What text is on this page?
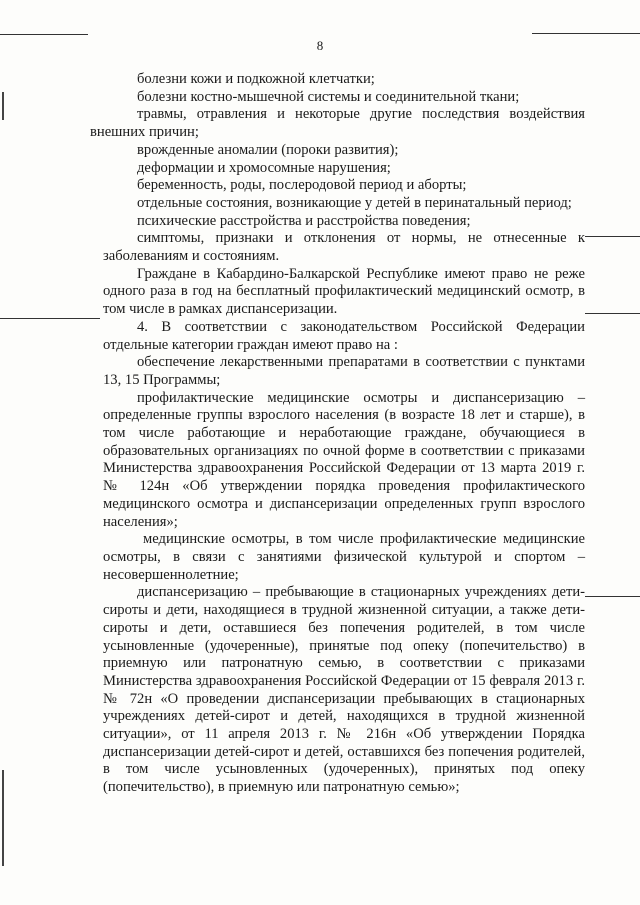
8

болезни кожи и подкожной клетчатки;

болезни костно-мышечной системы и соединительной ткани;

травмы, отравления и некоторые другие последствия воздействия внешних причин;

врожденные аномалии (пороки развития);

деформации и хромосомные нарушения;

беременность, роды, послеродовой период и аборты;

отдельные состояния, возникающие у детей в перинатальный период;

психические расстройства и расстройства поведения;

симптомы, признаки и отклонения от нормы, не отнесенные к заболеваниям и состояниям.

Граждане в Кабардино-Балкарской Республике имеют право не реже одного раза в год на бесплатный профилактический медицинский осмотр, в том числе в рамках диспансеризации.

4. В соответствии с законодательством Российской Федерации отдельные категории граждан имеют право на :

обеспечение лекарственными препаратами в соответствии с пунктами 13, 15 Программы;

профилактические медицинские осмотры и диспансеризацию – определенные группы взрослого населения (в возрасте 18 лет и старше), в том числе работающие и неработающие граждане, обучающиеся в образовательных организациях по очной форме в соответствии с приказами Министерства здравоохранения Российской Федерации от 13 марта 2019 г. № 124н «Об утверждении порядка проведения профилактического медицинского осмотра и диспансеризации определенных групп взрослого населения»;

медицинские осмотры, в том числе профилактические медицинские осмотры, в связи с занятиями физической культурой и спортом – несовершеннолетние;

диспансеризацию – пребывающие в стационарных учреждениях дети-сироты и дети, находящиеся в трудной жизненной ситуации, а также дети-сироты и дети, оставшиеся без попечения родителей, в том числе усыновленные (удочеренные), принятые под опеку (попечительство) в приемную или патронатную семью, в соответствии с приказами Министерства здравоохранения Российской Федерации от 15 февраля 2013 г. № 72н «О проведении диспансеризации пребывающих в стационарных учреждениях детей-сирот и детей, находящихся в трудной жизненной ситуации», от 11 апреля 2013 г. № 216н «Об утверждении Порядка диспансеризации детей-сирот и детей, оставшихся без попечения родителей, в том числе усыновленных (удочеренных), принятых под опеку (попечительство), в приемную или патронатную семью»;
